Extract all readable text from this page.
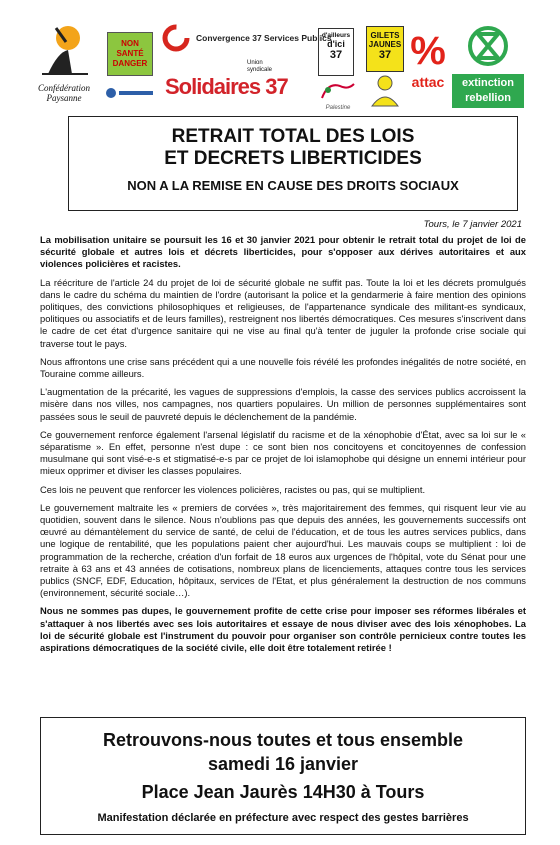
Confédération Paysanne
NON SANTÉ DANGER
Convergence 37 Services Publics
Union syndicale
Solidaires 37
d'ailleurs
d'ici
37
Palestine
GILETS JAUNES
37 %
attac	extinction
rebellion
RETRAIT TOTAL DES LOIS
ET DECRETS LIBERTICIDES
NON A LA REMISE EN CAUSE DES DROITS SOCIAUX
Tours, le 7 janvier 2021

La mobilisation unitaire se poursuit les 16 et 30 janvier 2021 pour obtenir le retrait total du projet de loi de sécurité globale et autres lois et décrets liberticides, pour s'opposer aux dérives autoritaires et aux violences policières et racistes.

La réécriture de l'article 24 du projet de loi de sécurité globale ne suffit pas. Toute la loi et les décrets promulgués dans le cadre du schéma du maintien de l'ordre (autorisant la police et la gendarmerie à faire mention des opinions politiques, des convictions philosophiques et religieuses, de l'appartenance syndicale des militant-es syndicaux, politiques ou associatifs et de leurs familles), restreignent nos libertés démocratiques. Ces mesures s'inscrivent dans le cadre de cet état d'urgence sanitaire qui ne vise au final qu'à tenter de juguler la profonde crise sociale qui traverse tout le pays.

Nous affrontons une crise sans précédent qui a une nouvelle fois révélé les profondes inégalités de notre société, en Touraine comme ailleurs.

L'augmentation de la précarité, les vagues de suppressions d'emplois, la casse des services publics accroissent la misère dans nos villes, nos campagnes, nos quartiers populaires. Un million de personnes supplémentaires sont passées sous le seuil de pauvreté depuis le déclenchement de la pandémie.

Ce gouvernement renforce également l'arsenal législatif du racisme et de la xénophobie d'État, avec sa loi sur le « séparatisme ». En effet, personne n'est dupe : ce sont bien nos concitoyens et concitoyennes de confession musulmane qui sont visé-e-s et stigmatisé-e-s par ce projet de loi islamophobe qui désigne un ennemi intérieur pour mieux opprimer et diviser les classes populaires.

Ces lois ne peuvent que renforcer les violences policières, racistes ou pas, qui se multiplient.

Le gouvernement maltraite les « premiers de corvées », très majoritairement des femmes, qui risquent leur vie au quotidien, souvent dans le silence. Nous n'oublions pas que depuis des années, les gouvernements successifs ont œuvré au démantèlement du service de santé, de celui de l'éducation, et de tous les autres services publics, dans une logique de rentabilité, que les populations paient cher aujourd'hui. Les mauvais coups se multiplient : loi de programmation de la recherche, création d'un forfait de 18 euros aux urgences de l'hôpital, vote du Sénat pour une retraite à 63 ans et 43 années de cotisations, nombreux plans de licenciements, attaques contre tous les services publics (SNCF, EDF, Education, hôpitaux, services de l'Etat, et plus généralement la destruction de nos communs (environnement, sécurité sociale…).

Nous ne sommes pas dupes, le gouvernement profite de cette crise pour imposer ses réformes libérales et s'attaquer à nos libertés avec ses lois autoritaires et essaye de nous diviser avec des lois xénophobes. La loi de sécurité globale est l'instrument du pouvoir pour organiser son contrôle pernicieux contre toutes les aspirations démocratiques de la société civile, elle doit être totalement retirée !

Retrouvons-nous toutes et tous ensemble
samedi 16 janvier
Place Jean Jaurès 14H30 à Tours
Manifestation déclarée en préfecture avec respect des gestes barrières
